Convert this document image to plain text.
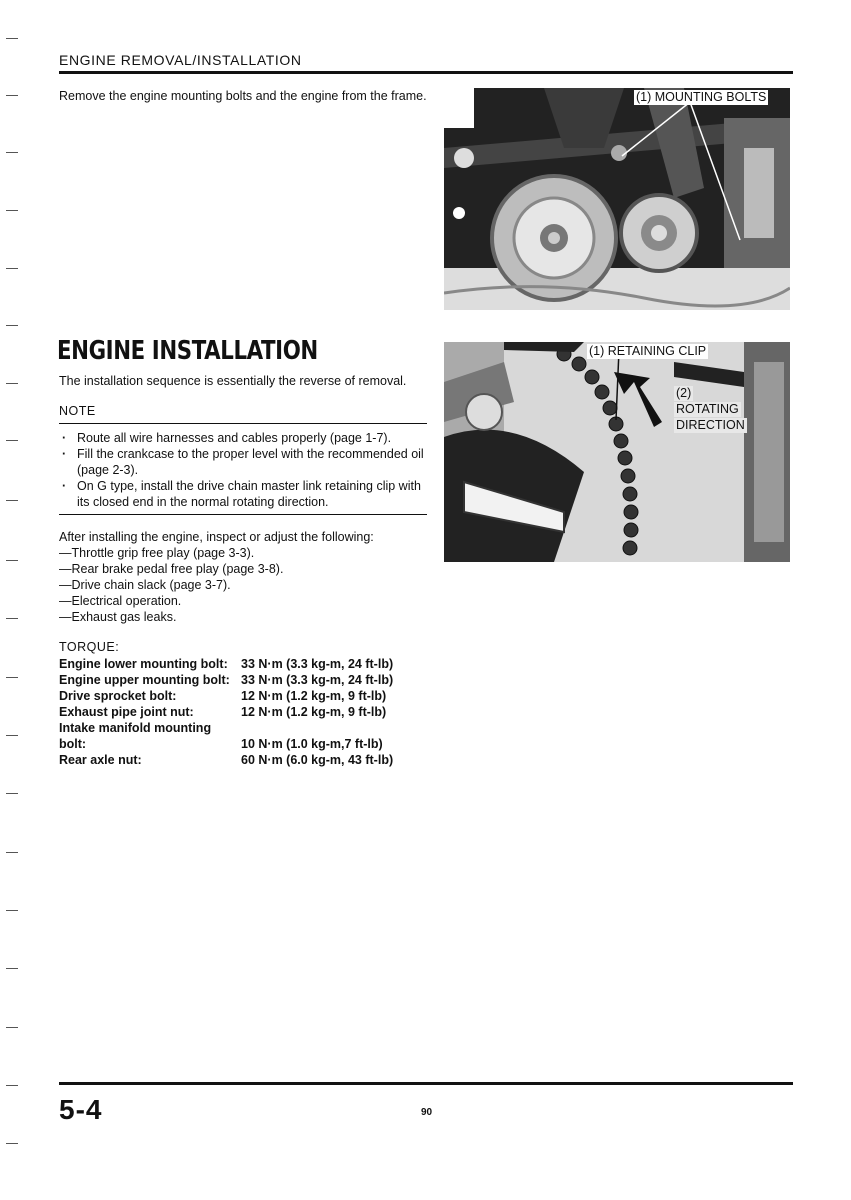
ENGINE REMOVAL/INSTALLATION
Remove the engine mounting bolts and the engine from the frame.	(1) MOUNTING BOLTS
ENGINE INSTALLATION
The installation sequence is essentially the reverse of removal.
NOTE
· Route all wire harnesses and cables properly (page 1-7).
· Fill the crankcase to the proper level with the recommended oil (page 2-3).
· On G type, install the drive chain master link retaining clip with its closed end in the normal rotating direction.
After installing the engine, inspect or adjust the following:
—Throttle grip free play (page 3-3).
—Rear brake pedal free play (page 3-8).
—Drive chain slack (page 3-7).
—Electrical operation.
—Exhaust gas leaks.
TORQUE:
Engine lower mounting bolt:	33 N·m (3.3 kg-m, 24 ft-lb)
Engine upper mounting bolt:	33 N·m (3.3 kg-m, 24 ft-lb)
Drive sprocket bolt:	12 N·m (1.2 kg-m, 9 ft-lb)
Exhaust pipe joint nut:	12 N·m (1.2 kg-m, 9 ft-lb)
Intake manifold mounting	
bolt:	10 N·m (1.0 kg-m,7 ft-lb)
Rear axle nut:	60 N·m (6.0 kg-m, 43 ft-lb)
(1) RETAINING CLIP
(2)
ROTATING
DIRECTION
5-4	90
